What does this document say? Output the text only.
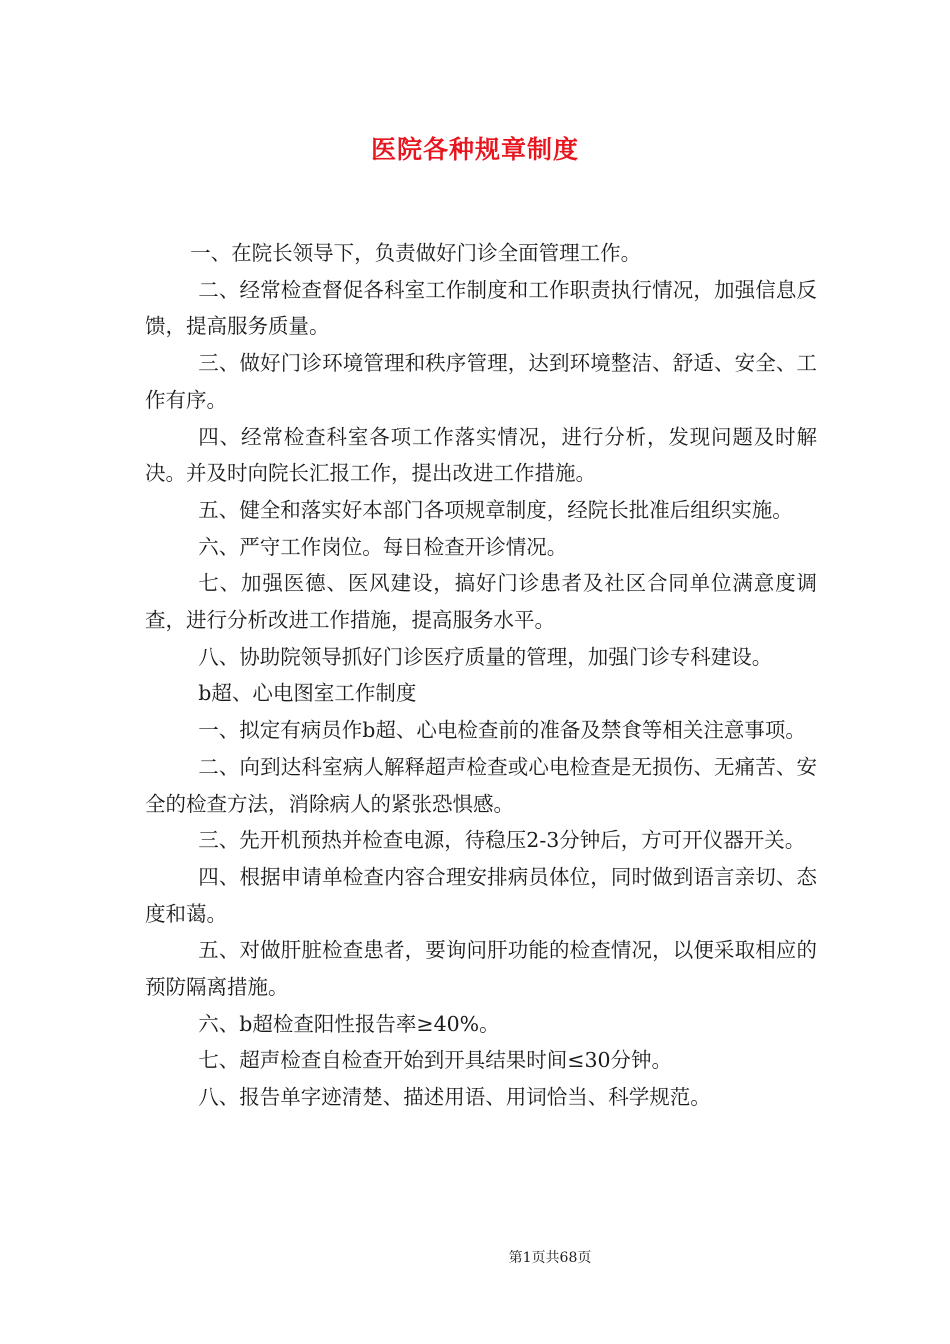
医院各种规章制度

一、在院长领导下，负责做好门诊全面管理工作。

二、经常检查督促各科室工作制度和工作职责执行情况，加强信息反馈，提高服务质量。

三、做好门诊环境管理和秩序管理，达到环境整洁、舒适、安全、工作有序。

四、经常检查科室各项工作落实情况，进行分析，发现问题及时解决。并及时向院长汇报工作，提出改进工作措施。

五、健全和落实好本部门各项规章制度，经院长批准后组织实施。

六、严守工作岗位。每日检查开诊情况。

七、加强医德、医风建设，搞好门诊患者及社区合同单位满意度调查，进行分析改进工作措施，提高服务水平。

八、协助院领导抓好门诊医疗质量的管理，加强门诊专科建设。

b超、心电图室工作制度

一、拟定有病员作b超、心电检查前的准备及禁食等相关注意事项。

二、向到达科室病人解释超声检查或心电检查是无损伤、无痛苦、安全的检查方法，消除病人的紧张恐惧感。

三、先开机预热并检查电源，待稳压2-3分钟后，方可开仪器开关。

四、根据申请单检查内容合理安排病员体位，同时做到语言亲切、态度和蔼。

五、对做肝脏检查患者，要询问肝功能的检查情况，以便采取相应的预防隔离措施。

六、b超检查阳性报告率≥40%。

七、超声检查自检查开始到开具结果时间≤30分钟。

八、报告单字迹清楚、描述用语、用词恰当、科学规范。

第1页共68页
